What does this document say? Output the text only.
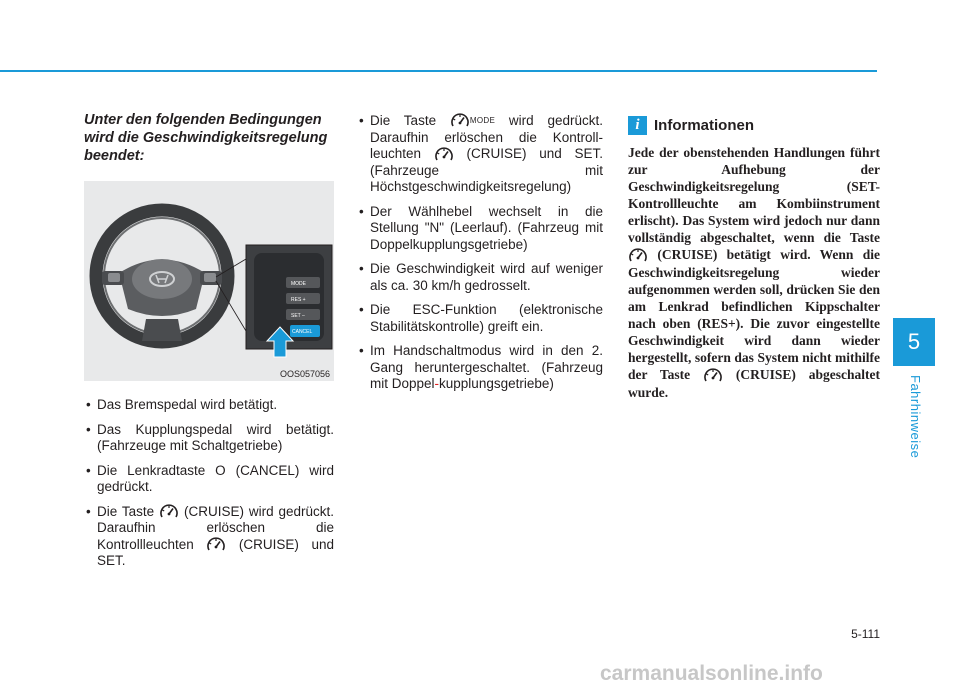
5
Fahrhinweise
Unter den folgenden Bedingungen wird die Geschwindigkeitsregelung beendet:
MODE
RES +
SET –
CANCEL
OOS057056
• Das Bremspedal wird betätigt.
• Das Kupplungspedal wird betätigt. (Fahrzeuge mit Schaltgetriebe)
• Die Lenkradtaste O (CANCEL) wird gedrückt.
• Die Taste (CRUISE) wird gedrückt. Daraufhin erlöschen die Kontrollleuchten	(CRUISE) und SET.
• Die Taste	MODE wird gedrückt. Daraufhin erlöschen die Kontroll-leuchten	(CRUISE) und SET. (Fahrzeuge mit Höchstgeschwindigkeitsregelung)
• Der Wählhebel wechselt in die Stellung "N" (Leerlauf). (Fahrzeug mit Doppelkupplungsgetriebe)
• Die Geschwindigkeit wird auf weniger als ca. 30 km/h gedrosselt.
• Die ESC-Funktion (elektronische Stabilitätskontrolle) greift ein.
• Im Handschaltmodus wird in den 2. Gang heruntergeschaltet. (Fahrzeug mit Doppel-kupplungsgetriebe)
i Informationen
Jede der obenstehenden Handlungen führt zur Aufhebung der Geschwindigkeitsregelung (SET-Kontrollleuchte am Kombiinstrument erlischt). Das System wird jedoch nur dann vollständig abgeschaltet, wenn die Taste  (CRUISE) betätigt wird. Wenn die Geschwindigkeitsregelung wieder aufgenommen werden soll, drücken Sie den am Lenkrad befindlichen Kippschalter nach oben (RES+). Die zuvor eingestellte Geschwindigkeit wird dann wieder hergestellt, sofern das System nicht mithilfe der Taste	(CRUISE) abgeschaltet wurde.
5-111
carmanualsonline.info
